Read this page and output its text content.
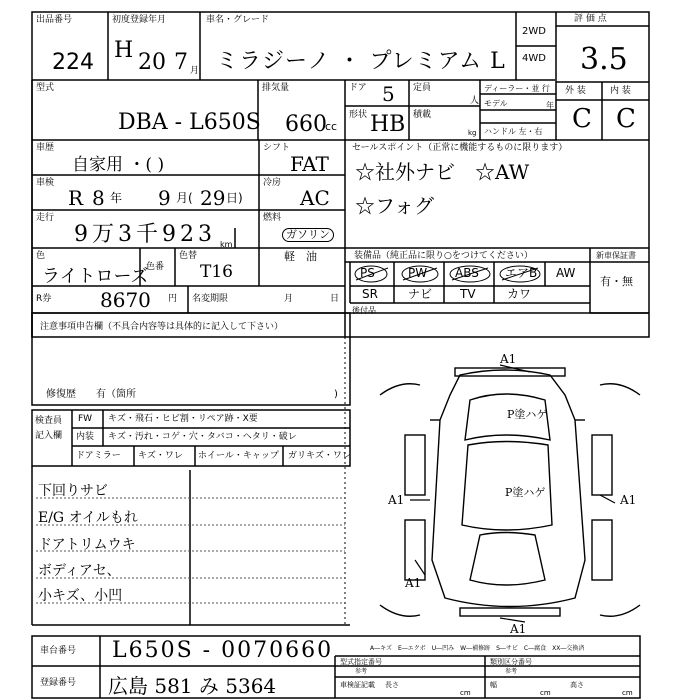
出品番号
224
初度登録年月
H 20 7 月
車名・グレード
ミラジーノ ・ プレミアム L
2WD
4WD
評 価 点
3.5
外 装	内 装
C C
型式
DBA - L650S
排気量
660
cc
ドア 5 定員
人
形状 HB 積載
kg
ディーラー・並 行
モデル	年
ハンドル 左・右
車歴
自家用 ・( )
車検
R 8 年 9 月( 29 日)
走行
9万3千923 km
シフト
FAT
冷房
AC
燃料
ガソリン
軽　油
色
ライトローズ
色番
色替
T16
R券 8670 円 名変期限	月	日
セールスポイント（正常に機能するものに限ります）
☆社外ナビ　☆AW
☆フォグ
装備品（純正品に限り○をつけてください）	新車保証書
有・無
PS	PW ABS エアB AW
SR	ナビ TV	カワ
後付品
注意事項申告欄（不具合内容等は具体的に記入して下さい）
修復歴　　有（箇所	)
検査員
記入欄
FW キズ・飛石・ヒビ割・リペア跡・X要
内装 キズ・汚れ・コゲ・穴・タバコ・ヘタリ・破レ
ドアミラー キズ・ワレ ホイール・キャップ ガリキズ・ワレ
下回りサビ
E/G オイルもれ
ドアトリムウキ
ボディアセ、
小キズ、小凹
A1
A1
P塗ハゲ
P塗ハゲ
A1
A1
A1
A―キズ　E―エクボ　U―凹み　W―補修跡　S―サビ　C―腐食　XX―交換済
車台番号 L650S - 0070660
登録番号 広島 581 み 5364
型式指定番号
参考
類別区分番号
参考
車検証記載 長さ
cm
幅
cm
高さ
cm
